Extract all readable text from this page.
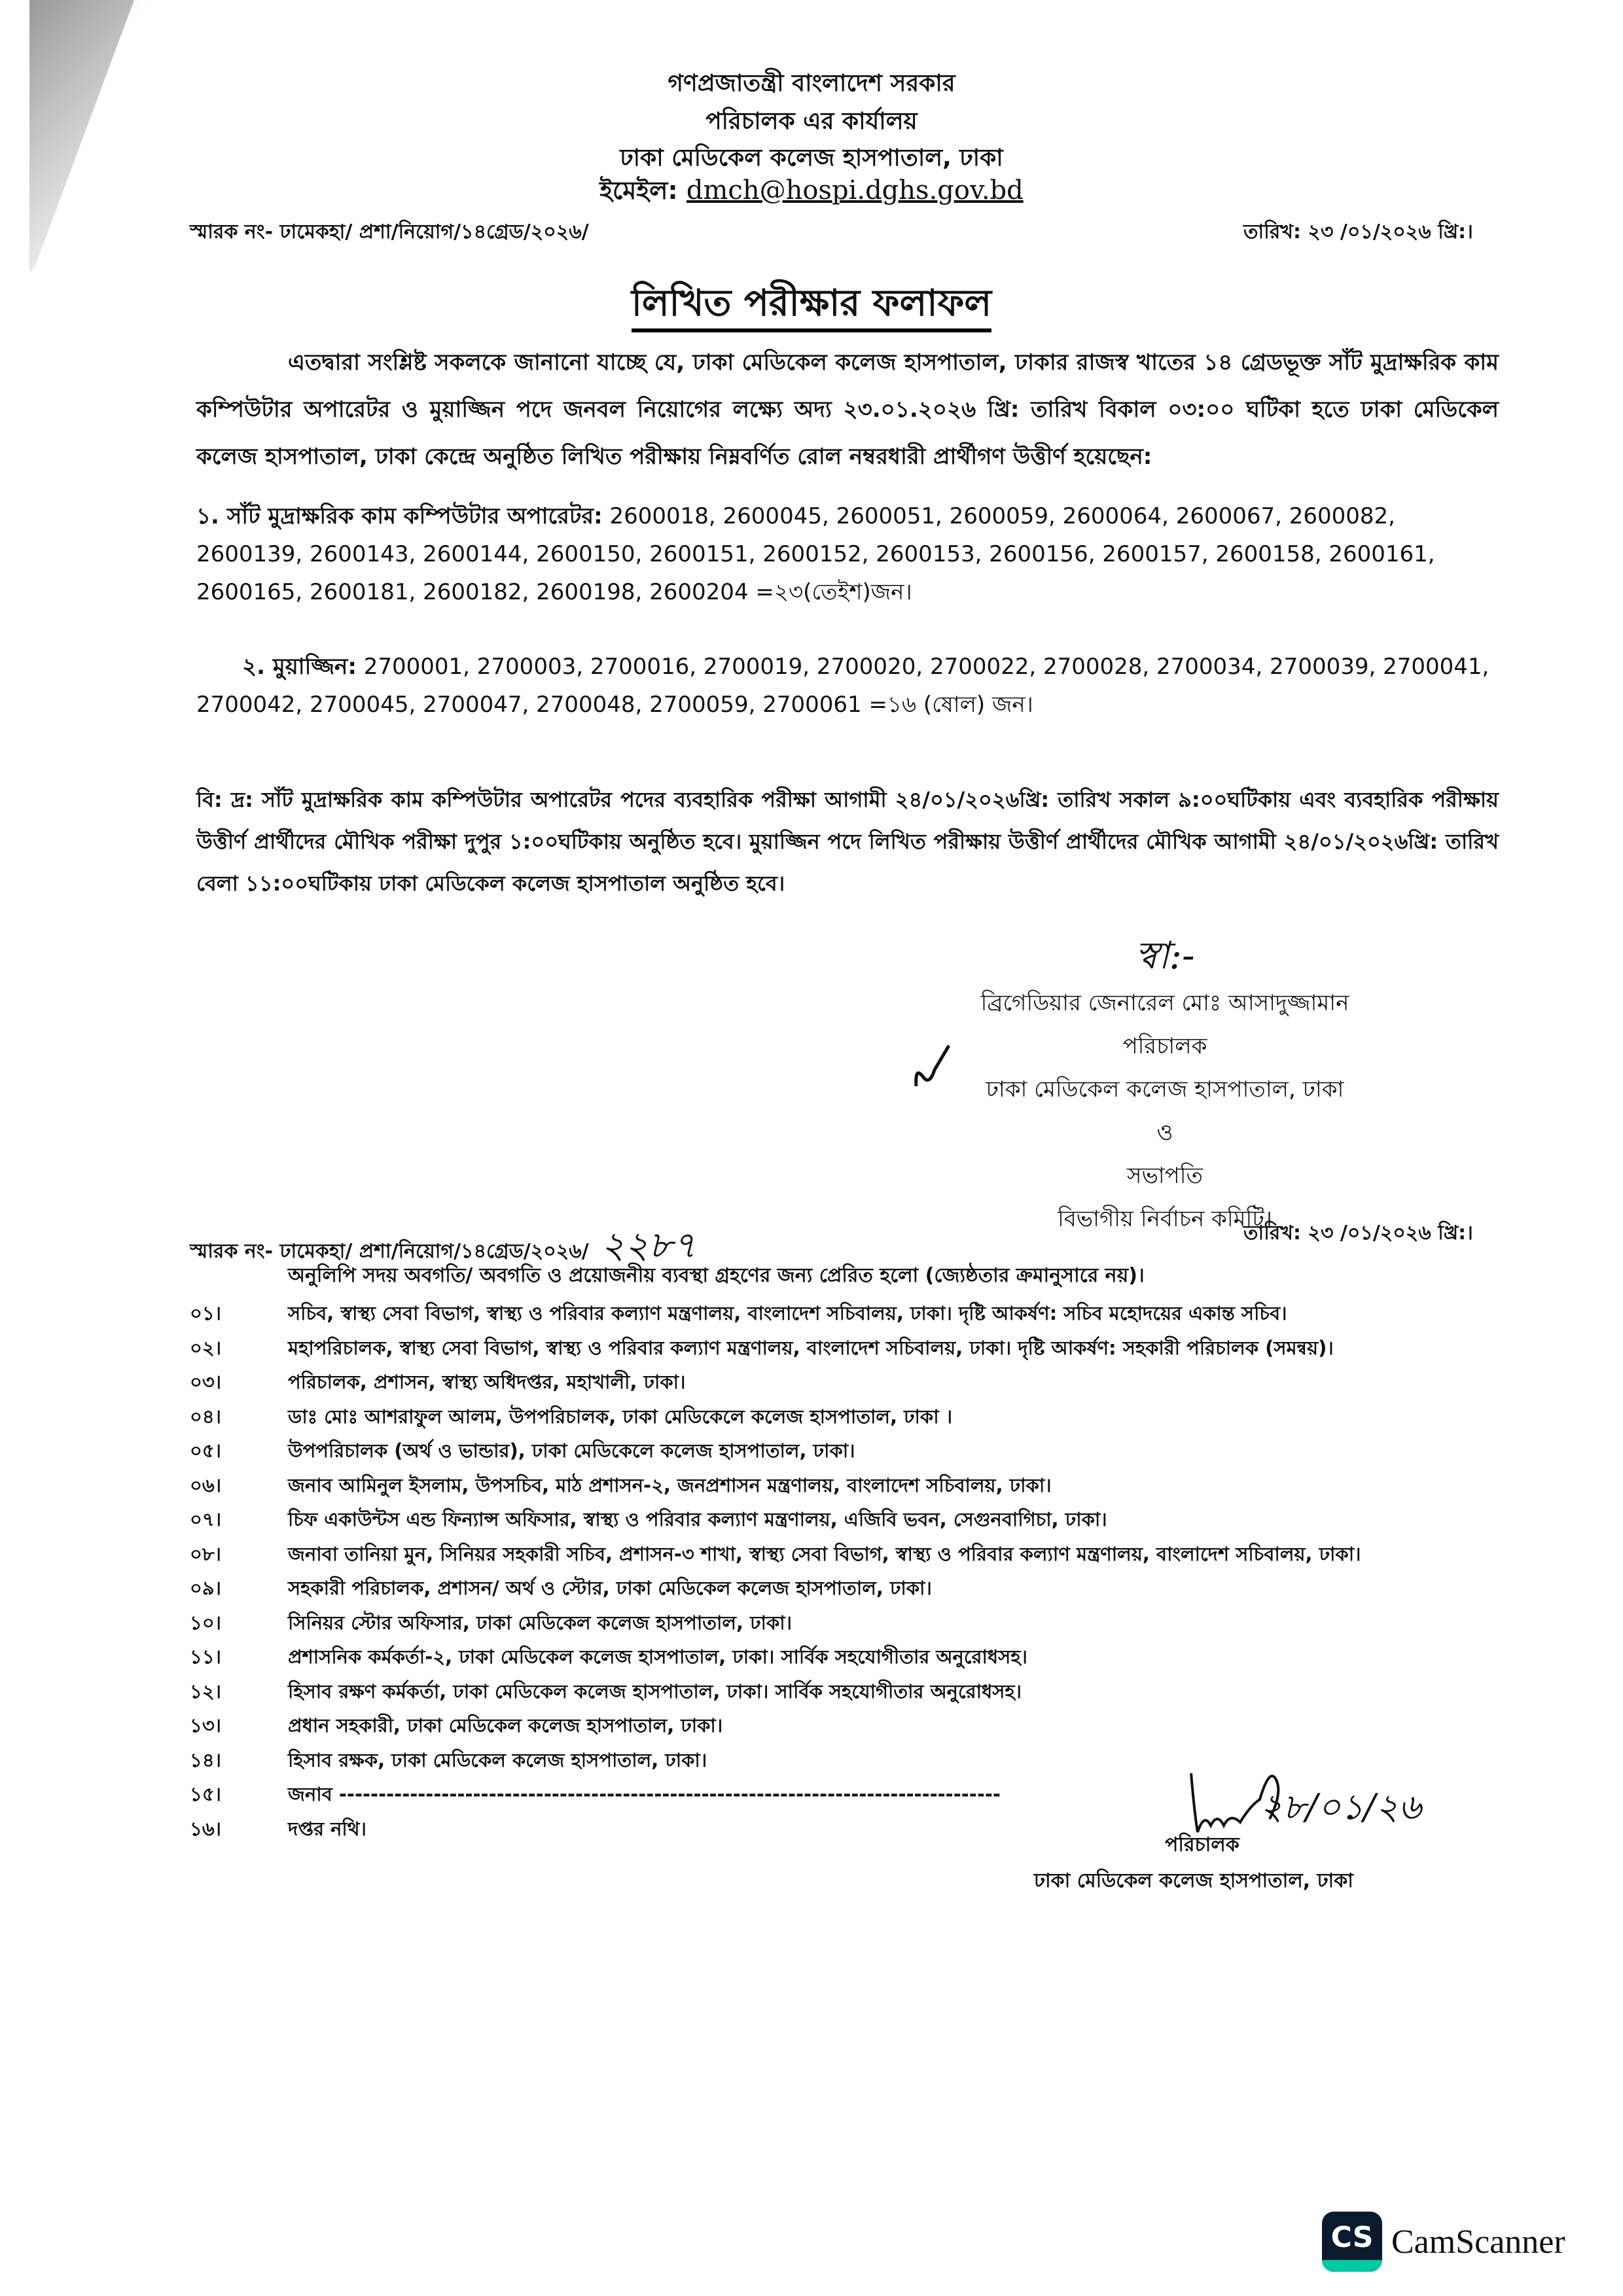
গণপ্রজাতন্ত্রী বাংলাদেশ সরকার
পরিচালক এর কার্যালয়
ঢাকা মেডিকেল কলেজ হাসপাতাল, ঢাকা
ইমেইল: dmch@hospi.dghs.gov.bd
স্মারক নং- ঢামেকহা/ প্রশা/নিয়োগ/১৪গ্রেড/২০২৬/	তারিখ: ২৩ /০১/২০২৬ খ্রি:।
লিখিত পরীক্ষার ফলাফল
এতদ্বারা সংশ্লিষ্ট সকলকে জানানো যাচ্ছে যে, ঢাকা মেডিকেল কলেজ হাসপাতাল, ঢাকার রাজস্ব খাতের ১৪ গ্রেডভূক্ত সাঁট মুদ্রাক্ষরিক কাম কম্পিউটার অপারেটর ও মুয়াজ্জিন পদে জনবল নিয়োগের লক্ষ্যে অদ্য ২৩.০১.২০২৬ খ্রি: তারিখ বিকাল ০৩:০০ ঘটিকা হতে ঢাকা মেডিকেল কলেজ হাসপাতাল, ঢাকা কেন্দ্রে অনুষ্ঠিত লিখিত পরীক্ষায় নিম্নবর্ণিত রোল নম্বরধারী প্রার্থীগণ উত্তীর্ণ হয়েছেন:
১. সাঁট মুদ্রাক্ষরিক কাম কম্পিউটার অপারেটর: 2600018, 2600045, 2600051, 2600059, 2600064, 2600067, 2600082, 2600139, 2600143, 2600144, 2600150, 2600151, 2600152, 2600153, 2600156, 2600157, 2600158, 2600161, 2600165, 2600181, 2600182, 2600198, 2600204 =২৩(তেইশ)জন।
২. মুয়াজ্জিন: 2700001, 2700003, 2700016, 2700019, 2700020, 2700022, 2700028, 2700034, 2700039, 2700041, 2700042, 2700045, 2700047, 2700048, 2700059, 2700061 =১৬ (ষোল) জন।
বি: দ্র: সাঁট মুদ্রাক্ষরিক কাম কম্পিউটার অপারেটর পদের ব্যবহারিক পরীক্ষা আগামী ২৪/০১/২০২৬খ্রি: তারিখ সকাল ৯:০০ঘটিকায় এবং ব্যবহারিক পরীক্ষায় উত্তীর্ণ প্রার্থীদের মৌখিক পরীক্ষা দুপুর ১:০০ঘটিকায় অনুষ্ঠিত হবে। মুয়াজ্জিন পদে লিখিত পরীক্ষায় উত্তীর্ণ প্রার্থীদের মৌখিক আগামী ২৪/০১/২০২৬খ্রি: তারিখ বেলা ১১:০০ঘটিকায় ঢাকা মেডিকেল কলেজ হাসপাতাল অনুষ্ঠিত হবে।
স্বা:-
ব্রিগেডিয়ার জেনারেল মোঃ আসাদুজ্জামান
পরিচালক
ঢাকা মেডিকেল কলেজ হাসপাতাল, ঢাকা
ও
সভাপতি
বিভাগীয় নির্বাচন কমিটি।
স্মারক নং- ঢামেকহা/ প্রশা/নিয়োগ/১৪গ্রেড/২০২৬/ ২২৮৭	তারিখ: ২৩ /০১/২০২৬ খ্রি:।
অনুলিপি সদয় অবগতি/ অবগতি ও প্রয়োজনীয় ব্যবস্থা গ্রহণের জন্য প্রেরিত হলো (জ্যেষ্ঠতার ক্রমানুসারে নয়)।
০১।	সচিব, স্বাস্থ্য সেবা বিভাগ, স্বাস্থ্য ও পরিবার কল্যাণ মন্ত্রণালয়, বাংলাদেশ সচিবালয়, ঢাকা। দৃষ্টি আকর্ষণ: সচিব মহোদয়ের একান্ত সচিব।
০২।	মহাপরিচালক, স্বাস্থ্য সেবা বিভাগ, স্বাস্থ্য ও পরিবার কল্যাণ মন্ত্রণালয়, বাংলাদেশ সচিবালয়, ঢাকা। দৃষ্টি আকর্ষণ: সহকারী পরিচালক (সমন্বয়)।
০৩।	পরিচালক, প্রশাসন, স্বাস্থ্য অধিদপ্তর, মহাখালী, ঢাকা।
০৪।	ডাঃ মোঃ আশরাফুল আলম, উপপরিচালক, ঢাকা মেডিকেলে কলেজ হাসপাতাল, ঢাকা ।
০৫।	উপপরিচালক (অর্থ ও ভান্ডার), ঢাকা মেডিকেলে কলেজ হাসপাতাল, ঢাকা।
০৬।	জনাব আমিনুল ইসলাম, উপসচিব, মাঠ প্রশাসন-২, জনপ্রশাসন মন্ত্রণালয়, বাংলাদেশ সচিবালয়, ঢাকা।
০৭।	চিফ একাউন্টস এন্ড ফিন্যান্স অফিসার, স্বাস্থ্য ও পরিবার কল্যাণ মন্ত্রণালয়, এজিবি ভবন, সেগুনবাগিচা, ঢাকা।
০৮।	জনাবা তানিয়া মুন, সিনিয়র সহকারী সচিব, প্রশাসন-৩ শাখা, স্বাস্থ্য সেবা বিভাগ, স্বাস্থ্য ও পরিবার কল্যাণ মন্ত্রণালয়, বাংলাদেশ সচিবালয়, ঢাকা।
০৯।	সহকারী পরিচালক, প্রশাসন/ অর্থ ও স্টোর, ঢাকা মেডিকেল কলেজ হাসপাতাল, ঢাকা।
১০।	সিনিয়র স্টোর অফিসার, ঢাকা মেডিকেল কলেজ হাসপাতাল, ঢাকা।
১১।	প্রশাসনিক কর্মকর্তা-২, ঢাকা মেডিকেল কলেজ হাসপাতাল, ঢাকা। সার্বিক সহযোগীতার অনুরোধসহ।
১২।	হিসাব রক্ষণ কর্মকর্তা, ঢাকা মেডিকেল কলেজ হাসপাতাল, ঢাকা। সার্বিক সহযোগীতার অনুরোধসহ।
১৩।	প্রধান সহকারী, ঢাকা মেডিকেল কলেজ হাসপাতাল, ঢাকা।
১৪।	হিসাব রক্ষক, ঢাকা মেডিকেল কলেজ হাসপাতাল, ঢাকা।
১৫।	জনাব ------------------------------------------------------------------------------------
১৬।	দপ্তর নথি।
২৮/০১/২৬
পরিচালক
ঢাকা মেডিকেল কলেজ হাসপাতাল, ঢাকা
CS CamScanner
